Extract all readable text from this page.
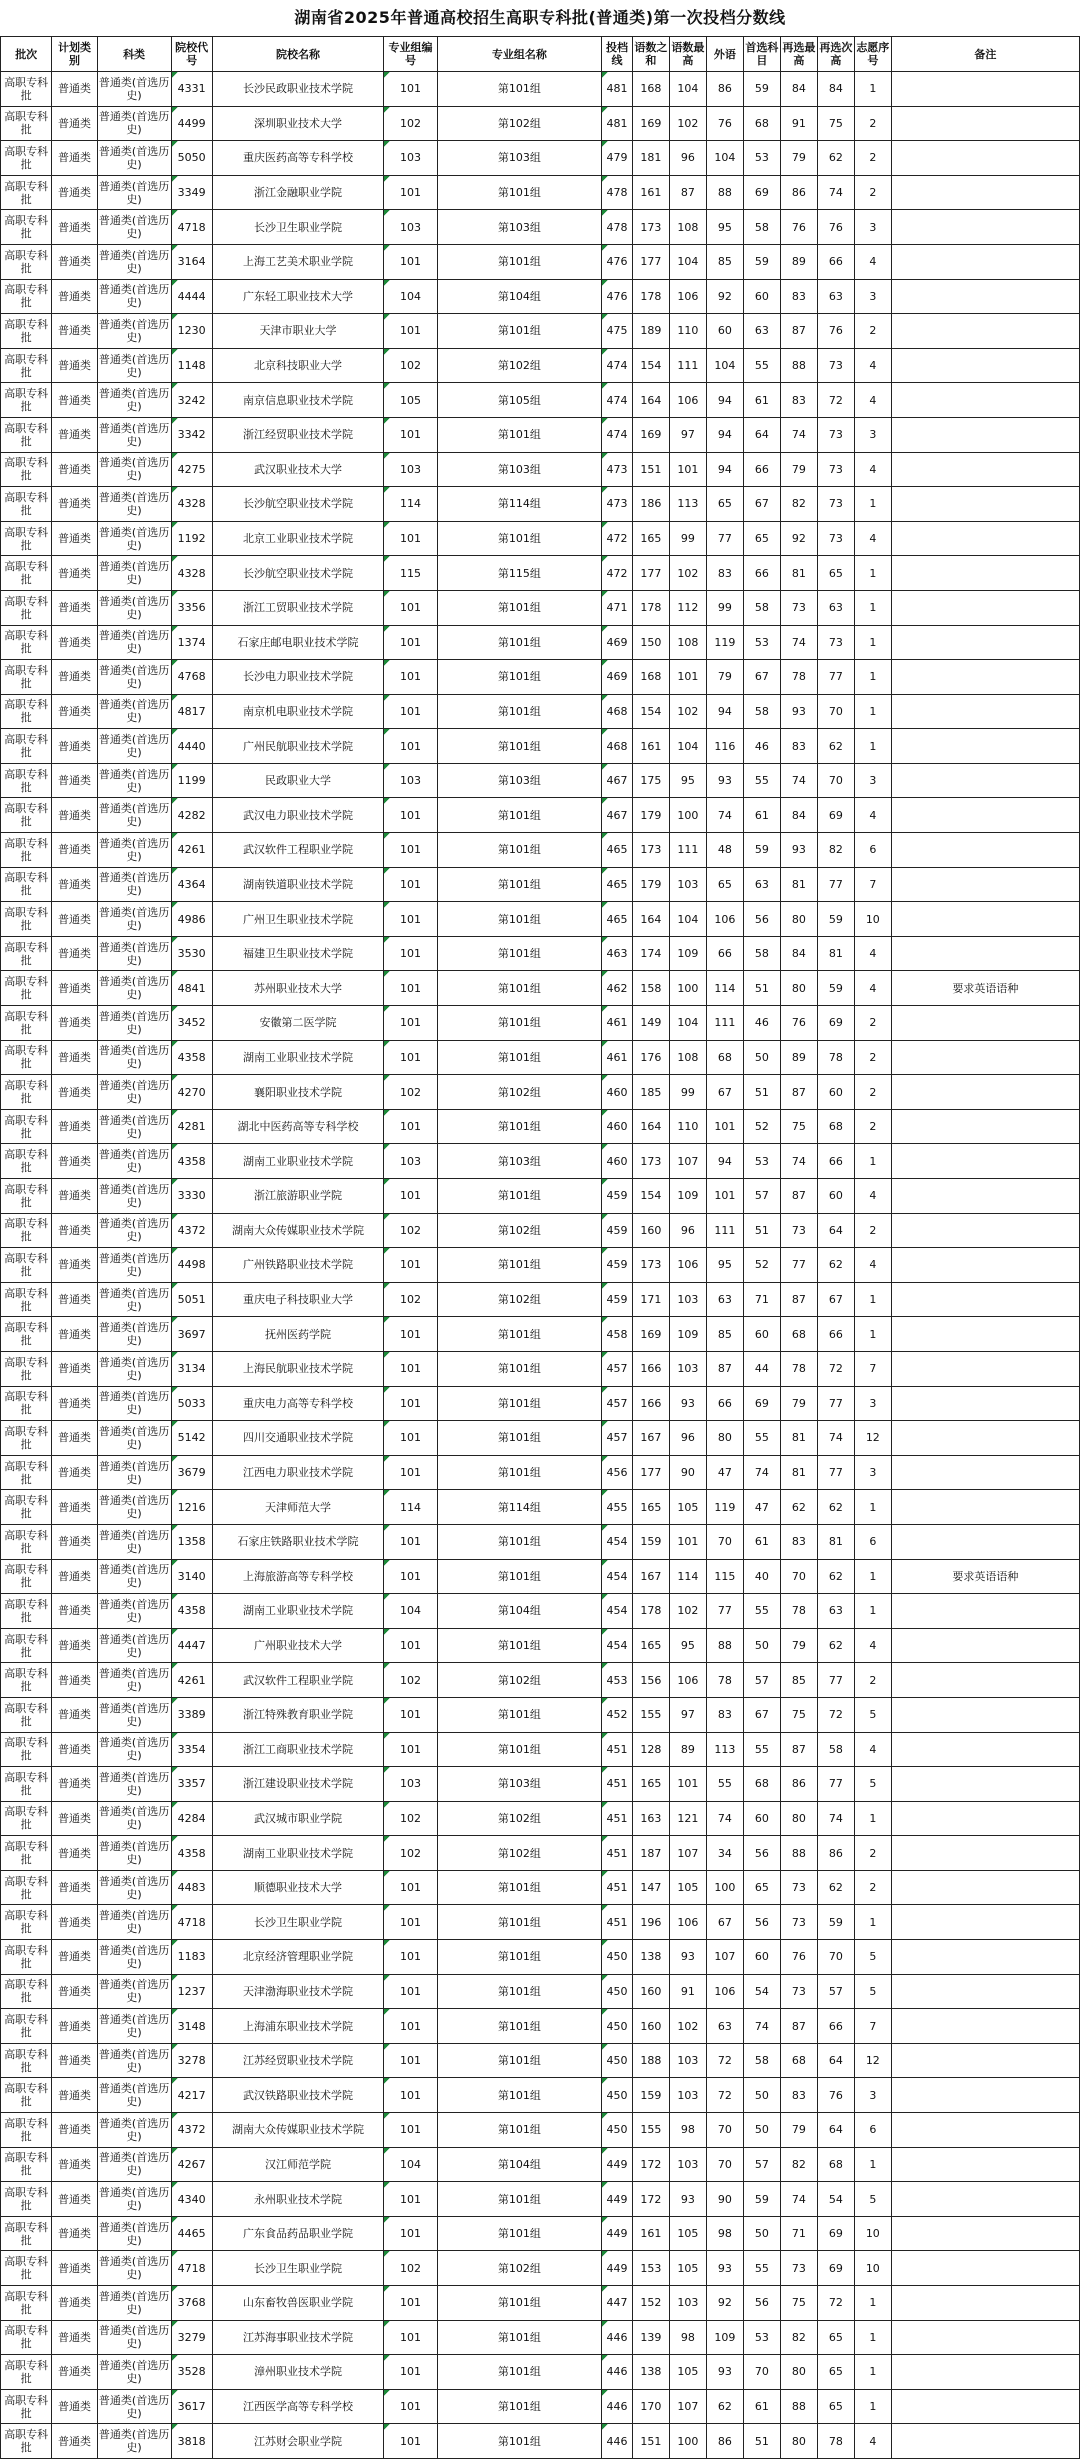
湖南省2025年普通高校招生高职专科批(普通类)第一次投档分数线
批次	计划类别	科类	院校代号	院校名称	专业组编号	专业组名称	投档线	语数之和	语数最高	外语	首选科目	再选最高	再选次高	志愿序号	备注
高职专科批	普通类	普通类(首选历史)	4331	长沙民政职业技术学院	101	第101组	481	168	104	86	59	84	84	1	
高职专科批	普通类	普通类(首选历史)	4499	深圳职业技术大学	102	第102组	481	169	102	76	68	91	75	2	
高职专科批	普通类	普通类(首选历史)	5050	重庆医药高等专科学校	103	第103组	479	181	96	104	53	79	62	2	
高职专科批	普通类	普通类(首选历史)	3349	浙江金融职业学院	101	第101组	478	161	87	88	69	86	74	2	
高职专科批	普通类	普通类(首选历史)	4718	长沙卫生职业学院	103	第103组	478	173	108	95	58	76	76	3	
高职专科批	普通类	普通类(首选历史)	3164	上海工艺美术职业学院	101	第101组	476	177	104	85	59	89	66	4	
高职专科批	普通类	普通类(首选历史)	4444	广东轻工职业技术大学	104	第104组	476	178	106	92	60	83	63	3	
高职专科批	普通类	普通类(首选历史)	1230	天津市职业大学	101	第101组	475	189	110	60	63	87	76	2	
高职专科批	普通类	普通类(首选历史)	1148	北京科技职业大学	102	第102组	474	154	111	104	55	88	73	4	
高职专科批	普通类	普通类(首选历史)	3242	南京信息职业技术学院	105	第105组	474	164	106	94	61	83	72	4	
高职专科批	普通类	普通类(首选历史)	3342	浙江经贸职业技术学院	101	第101组	474	169	97	94	64	74	73	3	
高职专科批	普通类	普通类(首选历史)	4275	武汉职业技术大学	103	第103组	473	151	101	94	66	79	73	4	
高职专科批	普通类	普通类(首选历史)	4328	长沙航空职业技术学院	114	第114组	473	186	113	65	67	82	73	1	
高职专科批	普通类	普通类(首选历史)	1192	北京工业职业技术学院	101	第101组	472	165	99	77	65	92	73	4	
高职专科批	普通类	普通类(首选历史)	4328	长沙航空职业技术学院	115	第115组	472	177	102	83	66	81	65	1	
高职专科批	普通类	普通类(首选历史)	3356	浙江工贸职业技术学院	101	第101组	471	178	112	99	58	73	63	1	
高职专科批	普通类	普通类(首选历史)	1374	石家庄邮电职业技术学院	101	第101组	469	150	108	119	53	74	73	1	
高职专科批	普通类	普通类(首选历史)	4768	长沙电力职业技术学院	101	第101组	469	168	101	79	67	78	77	1	
高职专科批	普通类	普通类(首选历史)	4817	南京机电职业技术学院	101	第101组	468	154	102	94	58	93	70	1	
高职专科批	普通类	普通类(首选历史)	4440	广州民航职业技术学院	101	第101组	468	161	104	116	46	83	62	1	
高职专科批	普通类	普通类(首选历史)	1199	民政职业大学	103	第103组	467	175	95	93	55	74	70	3	
高职专科批	普通类	普通类(首选历史)	4282	武汉电力职业技术学院	101	第101组	467	179	100	74	61	84	69	4	
高职专科批	普通类	普通类(首选历史)	4261	武汉软件工程职业学院	101	第101组	465	173	111	48	59	93	82	6	
高职专科批	普通类	普通类(首选历史)	4364	湖南铁道职业技术学院	101	第101组	465	179	103	65	63	81	77	7	
高职专科批	普通类	普通类(首选历史)	4986	广州卫生职业技术学院	101	第101组	465	164	104	106	56	80	59	10	
高职专科批	普通类	普通类(首选历史)	3530	福建卫生职业技术学院	101	第101组	463	174	109	66	58	84	81	4	
高职专科批	普通类	普通类(首选历史)	4841	苏州职业技术大学	101	第101组	462	158	100	114	51	80	59	4	要求英语语种
高职专科批	普通类	普通类(首选历史)	3452	安徽第二医学院	101	第101组	461	149	104	111	46	76	69	2	
高职专科批	普通类	普通类(首选历史)	4358	湖南工业职业技术学院	101	第101组	461	176	108	68	50	89	78	2	
高职专科批	普通类	普通类(首选历史)	4270	襄阳职业技术学院	102	第102组	460	185	99	67	51	87	60	2	
高职专科批	普通类	普通类(首选历史)	4281	湖北中医药高等专科学校	101	第101组	460	164	110	101	52	75	68	2	
高职专科批	普通类	普通类(首选历史)	4358	湖南工业职业技术学院	103	第103组	460	173	107	94	53	74	66	1	
高职专科批	普通类	普通类(首选历史)	3330	浙江旅游职业学院	101	第101组	459	154	109	101	57	87	60	4	
高职专科批	普通类	普通类(首选历史)	4372	湖南大众传媒职业技术学院	102	第102组	459	160	96	111	51	73	64	2	
高职专科批	普通类	普通类(首选历史)	4498	广州铁路职业技术学院	101	第101组	459	173	106	95	52	77	62	4	
高职专科批	普通类	普通类(首选历史)	5051	重庆电子科技职业大学	102	第102组	459	171	103	63	71	87	67	1	
高职专科批	普通类	普通类(首选历史)	3697	抚州医药学院	101	第101组	458	169	109	85	60	68	66	1	
高职专科批	普通类	普通类(首选历史)	3134	上海民航职业技术学院	101	第101组	457	166	103	87	44	78	72	7	
高职专科批	普通类	普通类(首选历史)	5033	重庆电力高等专科学校	101	第101组	457	166	93	66	69	79	77	3	
高职专科批	普通类	普通类(首选历史)	5142	四川交通职业技术学院	101	第101组	457	167	96	80	55	81	74	12	
高职专科批	普通类	普通类(首选历史)	3679	江西电力职业技术学院	101	第101组	456	177	90	47	74	81	77	3	
高职专科批	普通类	普通类(首选历史)	1216	天津师范大学	114	第114组	455	165	105	119	47	62	62	1	
高职专科批	普通类	普通类(首选历史)	1358	石家庄铁路职业技术学院	101	第101组	454	159	101	70	61	83	81	6	
高职专科批	普通类	普通类(首选历史)	3140	上海旅游高等专科学校	101	第101组	454	167	114	115	40	70	62	1	要求英语语种
高职专科批	普通类	普通类(首选历史)	4358	湖南工业职业技术学院	104	第104组	454	178	102	77	55	78	63	1	
高职专科批	普通类	普通类(首选历史)	4447	广州职业技术大学	101	第101组	454	165	95	88	50	79	62	4	
高职专科批	普通类	普通类(首选历史)	4261	武汉软件工程职业学院	102	第102组	453	156	106	78	57	85	77	2	
高职专科批	普通类	普通类(首选历史)	3389	浙江特殊教育职业学院	101	第101组	452	155	97	83	67	75	72	5	
高职专科批	普通类	普通类(首选历史)	3354	浙江工商职业技术学院	101	第101组	451	128	89	113	55	87	58	4	
高职专科批	普通类	普通类(首选历史)	3357	浙江建设职业技术学院	103	第103组	451	165	101	55	68	86	77	5	
高职专科批	普通类	普通类(首选历史)	4284	武汉城市职业学院	102	第102组	451	163	121	74	60	80	74	1	
高职专科批	普通类	普通类(首选历史)	4358	湖南工业职业技术学院	102	第102组	451	187	107	34	56	88	86	2	
高职专科批	普通类	普通类(首选历史)	4483	顺德职业技术大学	101	第101组	451	147	105	100	65	73	62	2	
高职专科批	普通类	普通类(首选历史)	4718	长沙卫生职业学院	101	第101组	451	196	106	67	56	73	59	1	
高职专科批	普通类	普通类(首选历史)	1183	北京经济管理职业学院	101	第101组	450	138	93	107	60	76	70	5	
高职专科批	普通类	普通类(首选历史)	1237	天津渤海职业技术学院	101	第101组	450	160	91	106	54	73	57	5	
高职专科批	普通类	普通类(首选历史)	3148	上海浦东职业技术学院	101	第101组	450	160	102	63	74	87	66	7	
高职专科批	普通类	普通类(首选历史)	3278	江苏经贸职业技术学院	101	第101组	450	188	103	72	58	68	64	12	
高职专科批	普通类	普通类(首选历史)	4217	武汉铁路职业技术学院	101	第101组	450	159	103	72	50	83	76	3	
高职专科批	普通类	普通类(首选历史)	4372	湖南大众传媒职业技术学院	101	第101组	450	155	98	70	50	79	64	6	
高职专科批	普通类	普通类(首选历史)	4267	汉江师范学院	104	第104组	449	172	103	70	57	82	68	1	
高职专科批	普通类	普通类(首选历史)	4340	永州职业技术学院	101	第101组	449	172	93	90	59	74	54	5	
高职专科批	普通类	普通类(首选历史)	4465	广东食品药品职业学院	101	第101组	449	161	105	98	50	71	69	10	
高职专科批	普通类	普通类(首选历史)	4718	长沙卫生职业学院	102	第102组	449	153	105	93	55	73	69	10	
高职专科批	普通类	普通类(首选历史)	3768	山东畜牧兽医职业学院	101	第101组	447	152	103	92	56	75	72	1	
高职专科批	普通类	普通类(首选历史)	3279	江苏海事职业技术学院	101	第101组	446	139	98	109	53	82	65	1	
高职专科批	普通类	普通类(首选历史)	3528	漳州职业技术学院	101	第101组	446	138	105	93	70	80	65	1	
高职专科批	普通类	普通类(首选历史)	3617	江西医学高等专科学校	101	第101组	446	170	107	62	61	88	65	1	
高职专科批	普通类	普通类(首选历史)	3818	江苏财会职业学院	101	第101组	446	151	100	86	51	80	78	4	
